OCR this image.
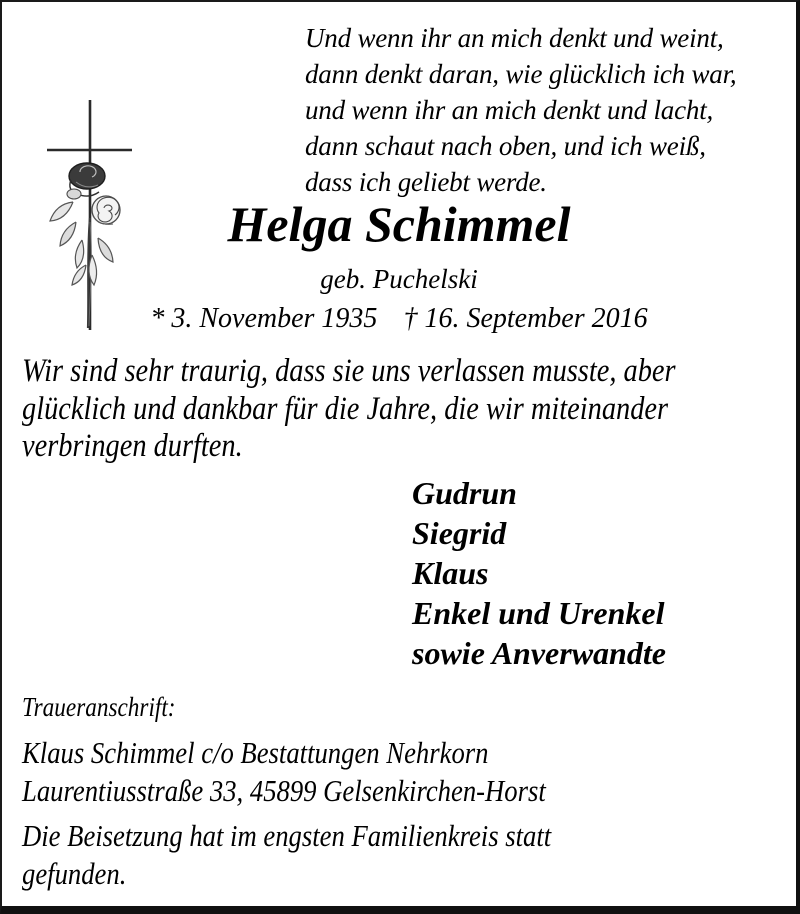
Und wenn ihr an mich denkt und weint,
dann denkt daran, wie glücklich ich war,
und wenn ihr an mich denkt und lacht,
dann schaut nach oben, und ich weiß,
dass ich geliebt werde.
Helga Schimmel
geb. Puchelski
* 3. November 1935 † 16. September 2016
Wir sind sehr traurig, dass sie uns verlassen musste, aber
glücklich und dankbar für die Jahre, die wir miteinander
verbringen durften.
Gudrun
Siegrid
Klaus
Enkel und Urenkel
sowie Anverwandte
Traueranschrift:
Klaus Schimmel c/o Bestattungen Nehrkorn
Laurentiusstraße 33, 45899 Gelsenkirchen-Horst
Die Beisetzung hat im engsten Familienkreis statt
gefunden.
